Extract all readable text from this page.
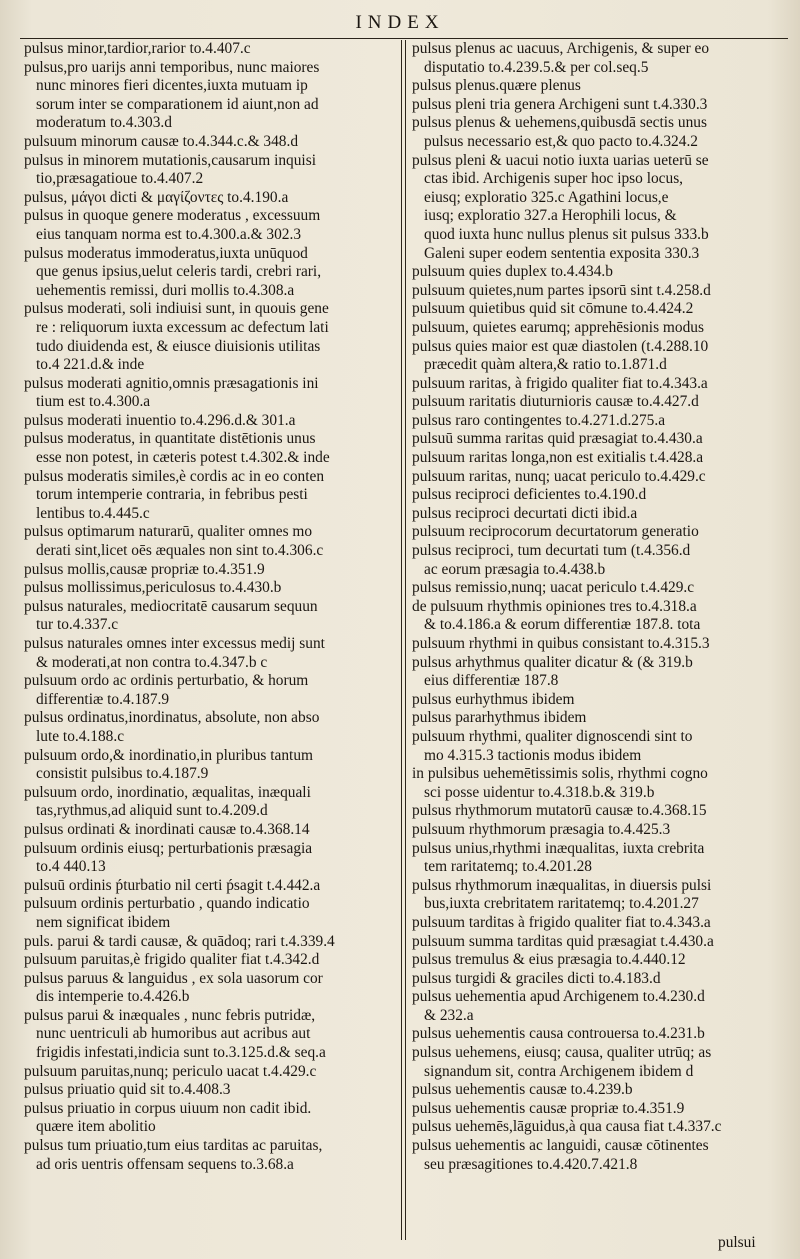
INDEX
pulsus minor,tardior,rarior to.4.407.c
pulsus,pro uarijs anni temporibus, nunc maiores
nunc minores fieri dicentes,iuxta mutuam ip
sorum inter se comparationem id aiunt,non ad
moderatum to.4.303.d
pulsuum minorum causæ to.4.344.c.& 348.d
pulsus in minorem mutationis,causarum inquisi
tio,præsagatioue to.4.407.2
pulsus, μάγοι dicti & μαγίζοντες to.4.190.a
pulsus in quoque genere moderatus , excessuum
eius tanquam norma est to.4.300.a.& 302.3
pulsus moderatus immoderatus,iuxta unūquod
que genus ipsius,uelut celeris tardi, crebri rari,
uehementis remissi, duri mollis to.4.308.a
pulsus moderati, soli indiuisi sunt, in quouis gene
re : reliquorum iuxta excessum ac defectum lati
tudo diuidenda est, & eiusce diuisionis utilitas
to.4 221.d.& inde
pulsus moderati agnitio,omnis præsagationis ini
tium est to.4.300.a
pulsus moderati inuentio to.4.296.d.& 301.a
pulsus moderatus, in quantitate distētionis unus
esse non potest, in cæteris potest t.4.302.& inde
pulsus moderatis similes,è cordis ac in eo conten
torum intemperie contraria, in febribus pesti
lentibus to.4.445.c
pulsus optimarum naturarū, qualiter omnes mo
derati sint,licet oēs æquales non sint to.4.306.c
pulsus mollis,causæ propriæ to.4.351.9
pulsus mollissimus,periculosus to.4.430.b
pulsus naturales, mediocritatē causarum sequun
tur to.4.337.c
pulsus naturales omnes inter excessus medij sunt
& moderati,at non contra to.4.347.b c
pulsuum ordo ac ordinis perturbatio, & horum
differentiæ to.4.187.9
pulsus ordinatus,inordinatus, absolute, non abso
lute to.4.188.c
pulsuum ordo,& inordinatio,in pluribus tantum
consistit pulsibus to.4.187.9
pulsuum ordo, inordinatio, æqualitas, inæquali
tas,rythmus,ad aliquid sunt to.4.209.d
pulsus ordinati & inordinati causæ to.4.368.14
pulsuum ordinis eiusq; perturbationis præsagia
to.4 440.13
pulsuū ordinis ṕturbatio nil certi ṕsagit t.4.442.a
pulsuum ordinis perturbatio , quando indicatio
nem significat ibidem
puls. parui & tardi causæ, & quādoq; rari t.4.339.4
pulsuum paruitas,è frigido qualiter fiat t.4.342.d
pulsus paruus & languidus , ex sola uasorum cor
dis intemperie to.4.426.b
pulsus parui & inæquales , nunc febris putridæ,
nunc uentriculi ab humoribus aut acribus aut
frigidis infestati,indicia sunt to.3.125.d.& seq.a
pulsuum paruitas,nunq; periculo uacat t.4.429.c
pulsus priuatio quid sit to.4.408.3
pulsus priuatio in corpus uiuum non cadit ibid.
quære item abolitio
pulsus tum priuatio,tum eius tarditas ac paruitas,
ad oris uentris offensam sequens to.3.68.a
pulsus plenus ac uacuus, Archigenis, & super eo
disputatio to.4.239.5.& per col.seq.5
pulsus plenus.quære plenus
pulsus pleni tria genera Archigeni sunt t.4.330.3
pulsus plenus & uehemens,quibusdā sectis unus
pulsus necessario est,& quo pacto to.4.324.2
pulsus pleni & uacui notio iuxta uarias ueterū se
ctas ibid. Archigenis super hoc ipso locus,
eiusq; exploratio 325.c Agathini locus,e
iusq; exploratio 327.a Herophili locus, &
quod iuxta hunc nullus plenus sit pulsus 333.b
Galeni super eodem sententia exposita 330.3
pulsuum quies duplex to.4.434.b
pulsuum quietes,num partes ipsorū sint t.4.258.d
pulsuum quietibus quid sit cōmune to.4.424.2
pulsuum, quietes earumq; apprehēsionis modus
pulsus quies maior est quæ diastolen (t.4.288.10
præcedit quàm altera,& ratio to.1.871.d
pulsuum raritas, à frigido qualiter fiat to.4.343.a
pulsuum raritatis diuturnioris causæ to.4.427.d
pulsus raro contingentes to.4.271.d.275.a
pulsuū summa raritas quid præsagiat to.4.430.a
pulsuum raritas longa,non est exitialis t.4.428.a
pulsuum raritas, nunq; uacat periculo to.4.429.c
pulsus reciproci deficientes to.4.190.d
pulsus reciproci decurtati dicti ibid.a
pulsuum reciprocorum decurtatorum generatio
pulsus reciproci, tum decurtati tum (t.4.356.d
ac eorum præsagia to.4.438.b
pulsus remissio,nunq; uacat periculo t.4.429.c
de pulsuum rhythmis opiniones tres to.4.318.a
& to.4.186.a & eorum differentiæ 187.8. tota
pulsuum rhythmi in quibus consistant to.4.315.3
pulsus arhythmus qualiter dicatur & (& 319.b
eius differentiæ 187.8
pulsus eurhythmus ibidem
pulsus pararhythmus ibidem
pulsuum rhythmi, qualiter dignoscendi sint to
mo 4.315.3 tactionis modus ibidem
in pulsibus uehemētissimis solis, rhythmi cogno
sci posse uidentur to.4.318.b.& 319.b
pulsus rhythmorum mutatorū causæ to.4.368.15
pulsuum rhythmorum præsagia to.4.425.3
pulsus unius,rhythmi inæqualitas, iuxta crebrita
tem raritatemq; to.4.201.28
pulsus rhythmorum inæqualitas, in diuersis pulsi
bus,iuxta crebritatem raritatemq; to.4.201.27
pulsuum tarditas à frigido qualiter fiat to.4.343.a
pulsuum summa tarditas quid præsagiat t.4.430.a
pulsus tremulus & eius præsagia to.4.440.12
pulsus turgidi & graciles dicti to.4.183.d
pulsus uehementia apud Archigenem to.4.230.d
& 232.a
pulsus uehementis causa controuersa to.4.231.b
pulsus uehemens, eiusq; causa, qualiter utrūq; as
signandum sit, contra Archigenem ibidem d
pulsus uehementis causæ to.4.239.b
pulsus uehementis causæ propriæ to.4.351.9
pulsus uehemēs,lāguidus,à qua causa fiat t.4.337.c
pulsus uehementis ac languidi, causæ cōtinentes
seu præsagitiones to.4.420.7.421.8
pulsui
